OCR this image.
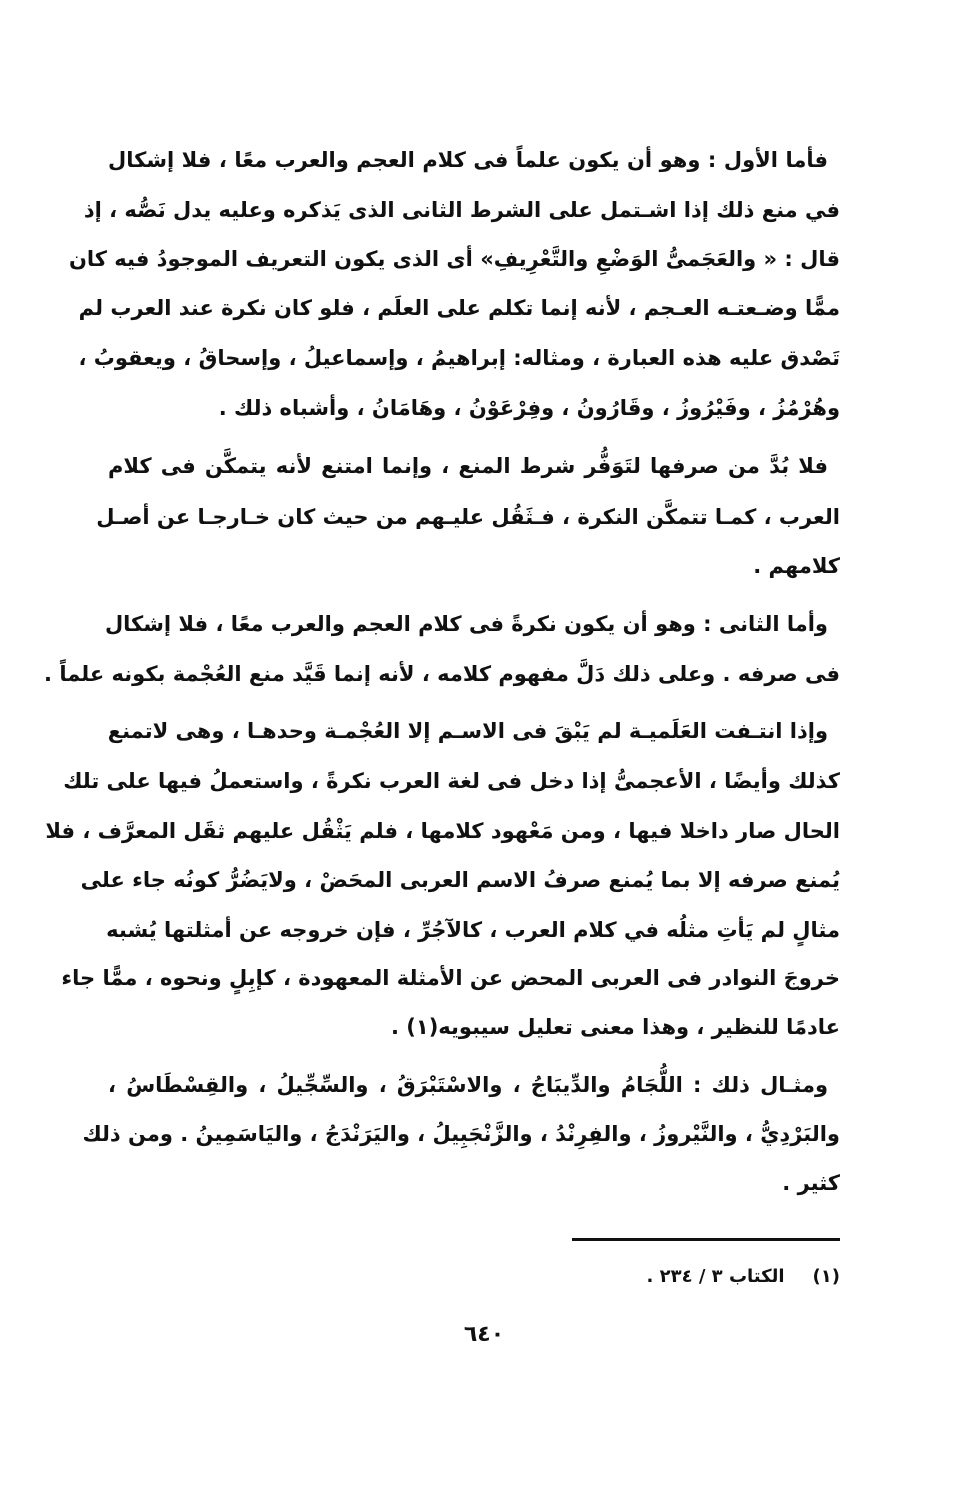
فأما الأول : وهو أن يكون علماً فى كلام العجم والعرب معًا ، فلا إشكال
في منع ذلك إذا اشـتمل على الشرط الثانى الذى يَذكره وعليه يدل نَصُّه ، إذ
قال : « والعَجَمىُّ الوَضْعِ والتَّعْرِيفِ» أى الذى يكون التعريف الموجودُ فيه كان
ممًّا وضـعتـه العـجم ، لأنه إنما تكلم على العلَم ، فلو كان نكرة عند العرب لم
تَصْدق عليه هذه العبارة ، ومثاله: إبراهيمُ ، وإسماعيلُ ، وإسحاقُ ، ويعقوبُ ،
وهُرْمُزُ ، وفَيْرُوزُ ، وقَارُونُ ، وفِرْعَوْنُ ، وهَامَانُ ، وأشباه ذلك .
فلا بُدَّ من صرفها لتَوَفُّر شرط المنع ، وإنما امتنع لأنه يتمكَّن فى كلام
العرب ، كمـا تتمكَّن النكرة ، فـثَقُل عليـهم من حيث كان خـارجـا عن أصـل
كلامهم .
وأما الثانى : وهو أن يكون نكرةً فى كلام العجم والعرب معًا ، فلا إشكال
فى صرفه . وعلى ذلك دَلَّ مفهوم كلامه ، لأنه إنما قَيَّد منع العُجْمة بكونه علماً .
وإذا انتـفت العَلَميـة لم يَبْقَ فى الاسـم إلا العُجْمـة وحدهـا ، وهى لاتمنع
كذلك وأيضًا ، الأعجمىُّ إذا دخل فى لغة العرب نكرةً ، واستعملُ فيها على تلك
الحال صار داخلا فيها ، ومن مَعْهود كلامها ، فلم يَثْقُل عليهم ثقَل المعرَّف ، فلا
يُمنع صرفه إلا بما يُمنع صرفُ الاسم العربى المحَضْ ، ولايَضُرُّ كونُه جاء على
مثالٍ لم يَأتِ مثلُه في كلام العرب ، كالآجُرِّ ، فإن خروجه عن أمثلتها يُشبه
خروجَ النوادر فى العربى المحض عن الأمثلة المعهودة ، كإبِلٍ ونحوه ، ممًّا جاء
عادمًا للنظير ، وهذا معنى تعليل سيبويه(١) .
ومثـال ذلك : اللُّجَامُ والدِّيبَاجُ ، والاسْتَبْرَقُ ، والسِّجِّيلُ ، والقِسْطَاسُ ،
والبَرْدِيُّ ، والنَّيْروزُ ، والفِرِنْدُ ، والزَّنْجَبِيلُ ، واليَرَنْدَجُ ، واليَاسَمِينُ . ومن ذلك
كثير .
(١)الكتاب ٣ / ٢٣٤ .
٦٤٠
